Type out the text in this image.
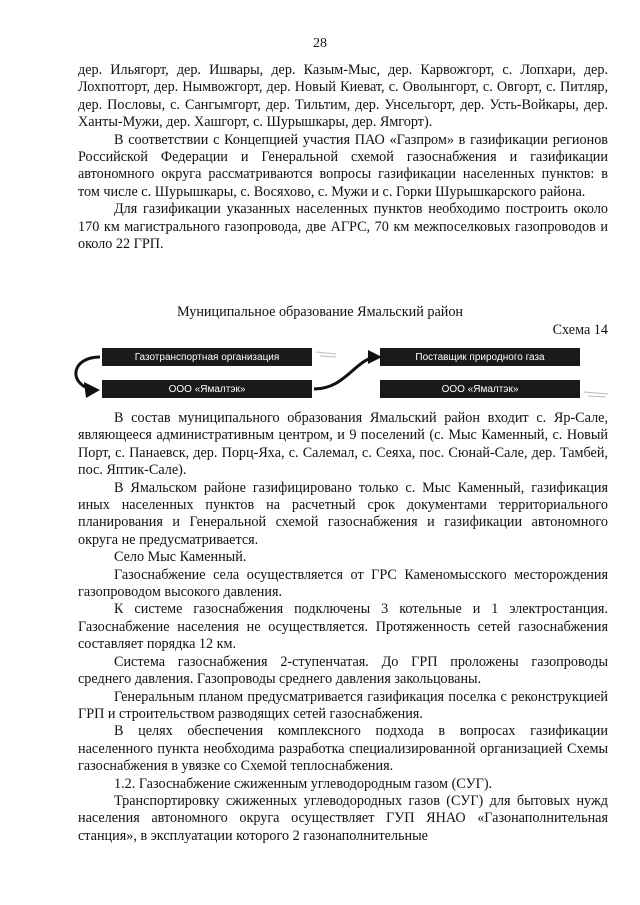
28

дер. Ильягорт, дер. Ишвары, дер. Казым-Мыс, дер. Карвожгорт, с. Лопхари, дер. Лохпотгорт, дер. Нымвожгорт, дер. Новый Киеват, с. Оволынгорт, с. Овгорт, с. Питляр, дер. Пословы, с. Сангымгорт, дер. Тильтим, дер. Унсельгорт, дер. Усть-Войкары, дер. Ханты-Мужи, дер. Хашгорт, с. Шурышкары, дер. Ямгорт).

В соответствии с Концепцией участия ПАО «Газпром» в газификации регионов Российской Федерации и Генеральной схемой газоснабжения и газификации автономного округа рассматриваются вопросы газификации населенных пунктов: в том числе с. Шурышкары, с. Восяхово, с. Мужи и с. Горки Шурышкарского района.

Для газификации указанных населенных пунктов необходимо построить около 170 км магистрального газопровода, две АГРС, 70 км межпоселковых газопроводов и около 22 ГРП.

Муниципальное образование Ямальский район
Схема 14
Газотранспортная организация
ООО «Ямалтэк»
Поставщик природного газа
ООО «Ямалтэк»

В состав муниципального образования Ямальский район входит с. Яр-Сале, являющееся административным центром, и 9 поселений (с. Мыс Каменный, с. Новый Порт, с. Панаевск, дер. Порц-Яха, с. Салемал, с. Сеяха, пос. Сюнай-Сале, дер. Тамбей, пос. Яптик-Сале).

В Ямальском районе газифицировано только с. Мыс Каменный, газификация иных населенных пунктов на расчетный срок документами территориального планирования и Генеральной схемой газоснабжения и газификации автономного округа не предусматривается.

Село Мыс Каменный.

Газоснабжение села осуществляется от ГРС Каменомысского месторождения газопроводом высокого давления.

К системе газоснабжения подключены 3 котельные и 1 электростанция. Газоснабжение населения не осуществляется. Протяженность сетей газоснабжения составляет порядка 12 км.

Система газоснабжения 2-ступенчатая. До ГРП проложены газопроводы среднего давления. Газопроводы среднего давления закольцованы.

Генеральным планом предусматривается газификация поселка с реконструкцией ГРП и строительством разводящих сетей газоснабжения.

В целях обеспечения комплексного подхода в вопросах газификации населенного пункта необходима разработка специализированной организацией Схемы газоснабжения в увязке со Схемой теплоснабжения.

1.2. Газоснабжение сжиженным углеводородным газом (СУГ).

Транспортировку сжиженных углеводородных газов (СУГ) для бытовых нужд населения автономного округа осуществляет ГУП ЯНАО «Газонаполнительная станция», в эксплуатации которого 2 газонаполнительные
